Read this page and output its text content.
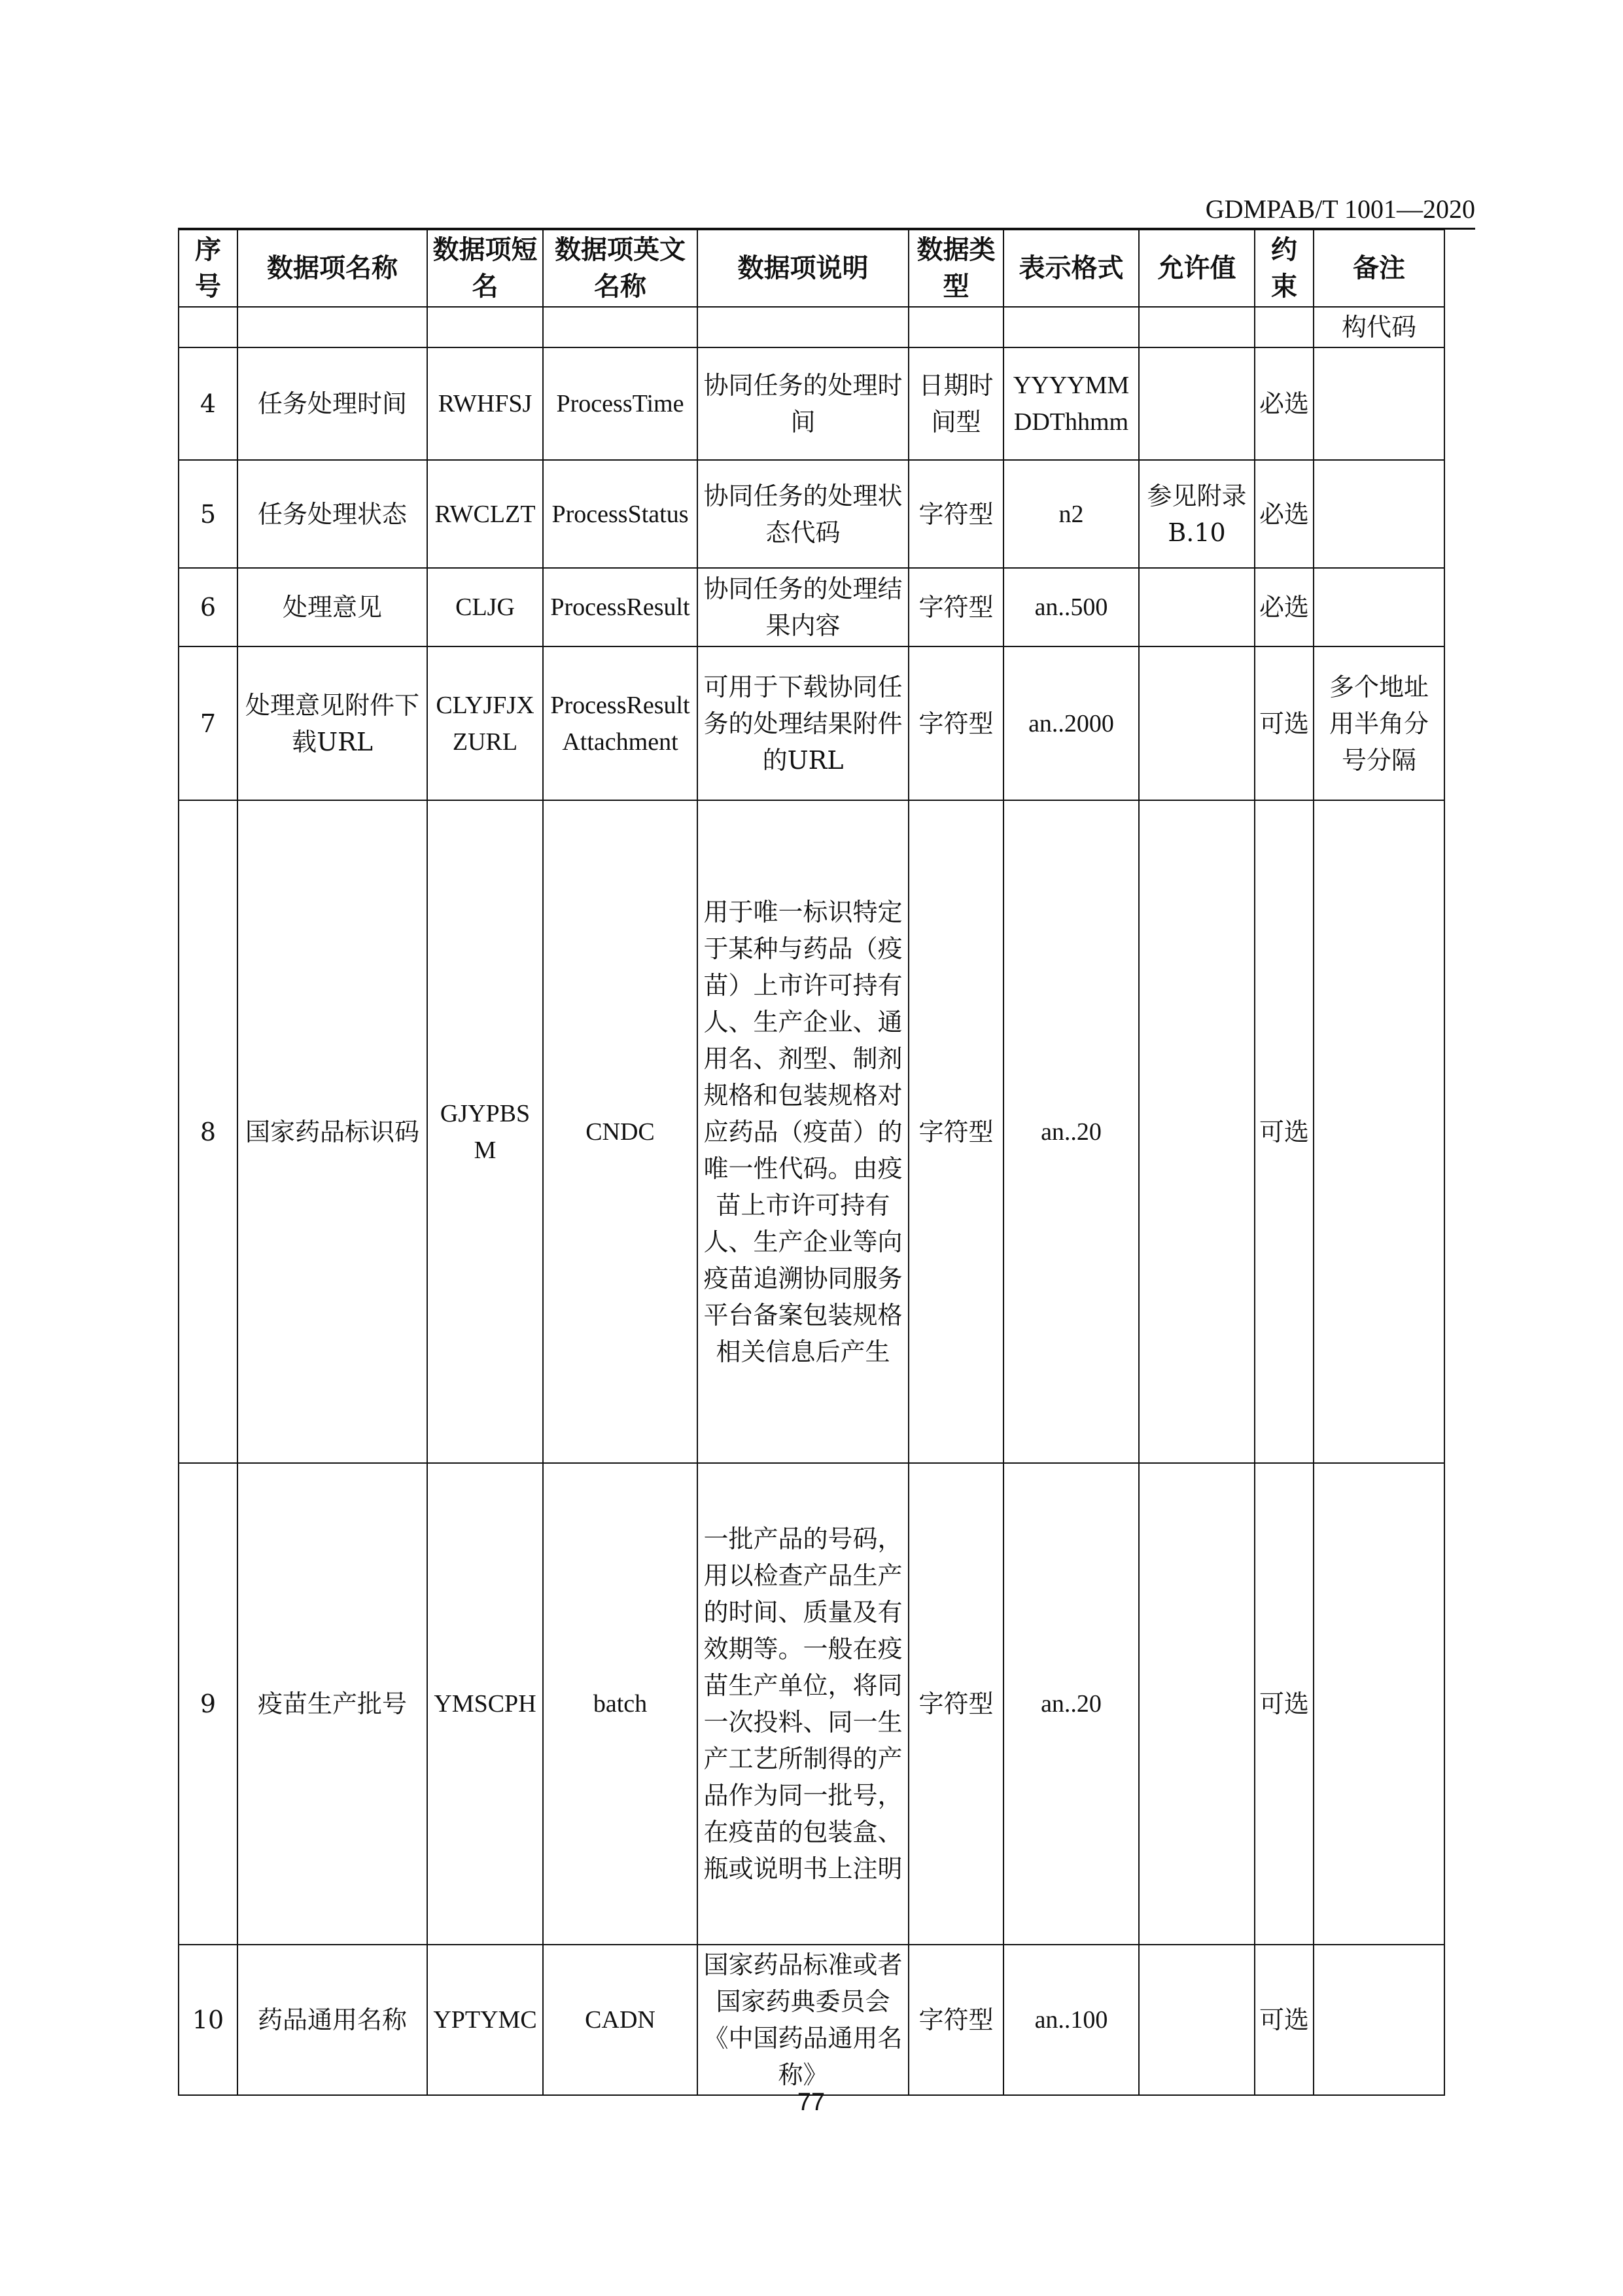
GDMPAB/T 1001—2020
序号	数据项名称	数据项短名	数据项英文名称	数据项说明	数据类型	表示格式	允许值	约束	备注
									构代码
4	任务处理时间	RWHFSJ	ProcessTime	协同任务的处理时间	日期时间型	YYYYMMDDThhmm		必选	
5	任务处理状态	RWCLZT	ProcessStatus	协同任务的处理状态代码	字符型	n2	参见附录B.10	必选	
6	处理意见	CLJG	ProcessResult	协同任务的处理结果内容	字符型	an..500		必选	
7	处理意见附件下载URL	CLYJFJXZURL	ProcessResultAttachment	可用于下载协同任务的处理结果附件的URL	字符型	an..2000		可选	多个地址用半角分号分隔
8	国家药品标识码	GJYPBSM	CNDC	用于唯一标识特定于某种与药品（疫苗）上市许可持有人、生产企业、通用名、剂型、制剂规格和包装规格对应药品（疫苗）的唯一性代码。由疫苗上市许可持有人、生产企业等向疫苗追溯协同服务平台备案包装规格相关信息后产生	字符型	an..20		可选	
9	疫苗生产批号	YMSCPH	batch	一批产品的号码，用以检查产品生产的时间、质量及有效期等。一般在疫苗生产单位，将同一次投料、同一生产工艺所制得的产品作为同一批号，在疫苗的包装盒、瓶或说明书上注明	字符型	an..20		可选	
10	药品通用名称	YPTYMC	CADN	国家药品标准或者国家药典委员会《中国药品通用名称》	字符型	an..100		可选	
77
